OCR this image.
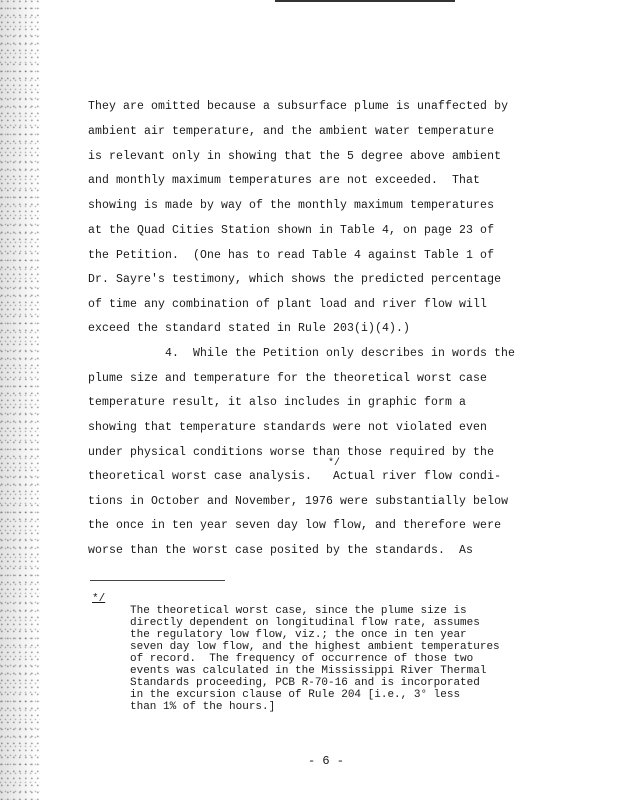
They are omitted because a subsurface plume is unaffected by
ambient air temperature, and the ambient water temperature
is relevant only in showing that the 5 degree above ambient
and monthly maximum temperatures are not exceeded.  That
showing is made by way of the monthly maximum temperatures
at the Quad Cities Station shown in Table 4, on page 23 of
the Petition.  (One has to read Table 4 against Table 1 of
Dr. Sayre's testimony, which shows the predicted percentage
of time any combination of plant load and river flow will
exceed the standard stated in Rule 203(i)(4).)
4.  While the Petition only describes in words the
plume size and temperature for the theoretical worst case
temperature result, it also includes in graphic form a
showing that temperature standards were not violated even
under physical conditions worse than those required by the
*/
theoretical worst case analysis.   Actual river flow condi-
tions in October and November, 1976 were substantially below
the once in ten year seven day low flow, and therefore were
worse than the worst case posited by the standards.  As
*/
The theoretical worst case, since the plume size is
directly dependent on longitudinal flow rate, assumes
the regulatory low flow, viz.; the once in ten year
seven day low flow, and the highest ambient temperatures
of record.  The frequency of occurrence of those two
events was calculated in the Mississippi River Thermal
Standards proceeding, PCB R-70-16 and is incorporated
in the excursion clause of Rule 204 [i.e., 3° less
than 1% of the hours.]
- 6 -
